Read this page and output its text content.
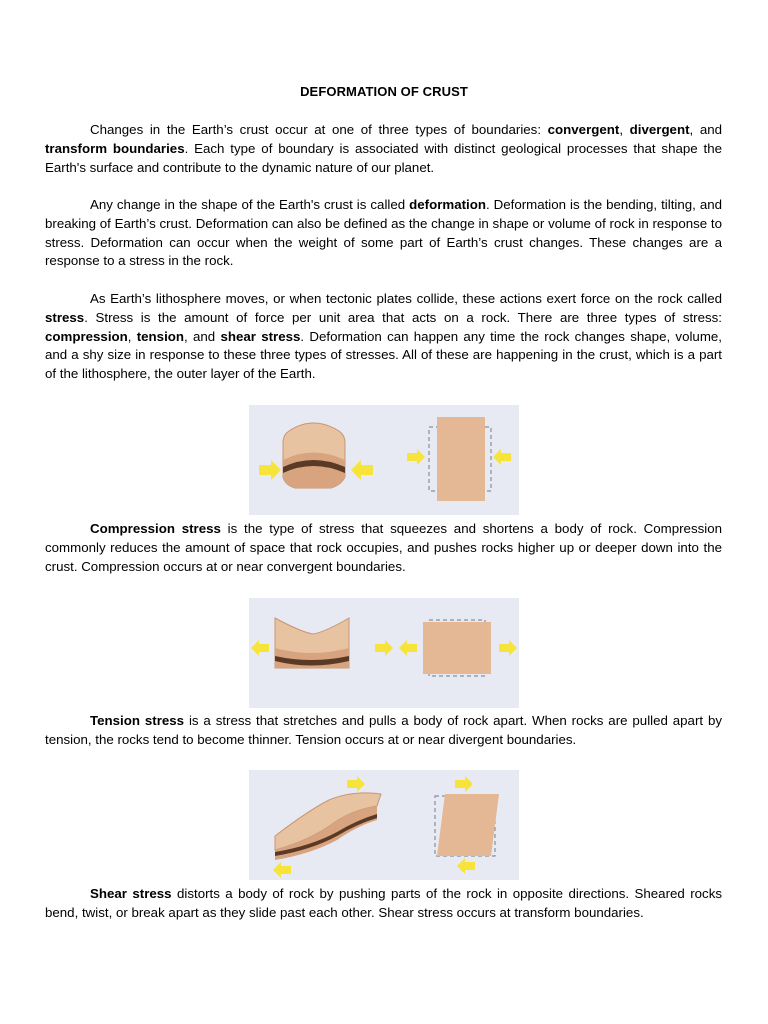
DEFORMATION OF CRUST

Changes in the Earth’s crust occur at one of three types of boundaries: convergent, divergent, and transform boundaries. Each type of boundary is associated with distinct geological processes that shape the Earth's surface and contribute to the dynamic nature of our planet.

Any change in the shape of the Earth's crust is called deformation. Deformation is the bending, tilting, and breaking of Earth’s crust. Deformation can also be defined as the change in shape or volume of rock in response to stress. Deformation can occur when the weight of some part of Earth’s crust changes. These changes are a response to a stress in the rock.

As Earth’s lithosphere moves, or when tectonic plates collide, these actions exert force on the rock called stress. Stress is the amount of force per unit area that acts on a rock. There are three types of stress: compression, tension, and shear stress. Deformation can happen any time the rock changes shape, volume, and a shy size in response to these three types of stresses. All of these are happening in the crust, which is a part of the lithosphere, the outer layer of the Earth.

Compression stress is the type of stress that squeezes and shortens a body of rock. Compression commonly reduces the amount of space that rock occupies, and pushes rocks higher up or deeper down into the crust. Compression occurs at or near convergent boundaries.

Tension stress is a stress that stretches and pulls a body of rock apart. When rocks are pulled apart by tension, the rocks tend to become thinner. Tension occurs at or near divergent boundaries.

Shear stress distorts a body of rock by pushing parts of the rock in opposite directions. Sheared rocks bend, twist, or break apart as they slide past each other. Shear stress occurs at transform boundaries.
